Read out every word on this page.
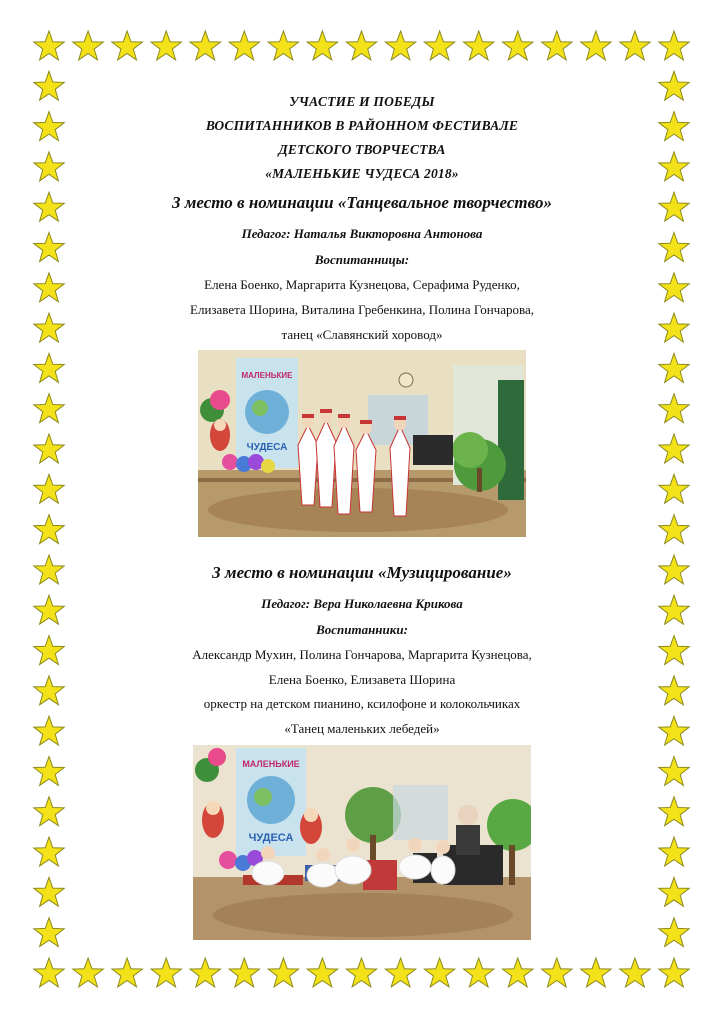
УЧАСТИЕ И ПОБЕДЫ
ВОСПИТАННИКОВ В РАЙОННОМ ФЕСТИВАЛЕ
ДЕТСКОГО ТВОРЧЕСТВА
«МАЛЕНЬКИЕ ЧУДЕСА 2018»
3 место в номинации «Танцевальное творчество»
Педагог: Наталья Викторовна Антонова
Воспитанницы:
Елена Боенко, Маргарита Кузнецова, Серафима Руденко,
Елизавета Шорина, Виталина Гребенкина, Полина Гончарова,
танец «Славянский хоровод»
3 место в номинации «Музицирование»
Педагог: Вера Николаевна Крикова
Воспитанники:
Александр Мухин, Полина Гончарова, Маргарита Кузнецова,
Елена Боенко, Елизавета Шорина
оркестр на детском пианино, ксилофоне и колокольчиках
«Танец маленьких лебедей»
МАЛЕНЬКИЕ
ЧУДЕСА
МАЛЕНЬКИЕ
ЧУДЕСА
